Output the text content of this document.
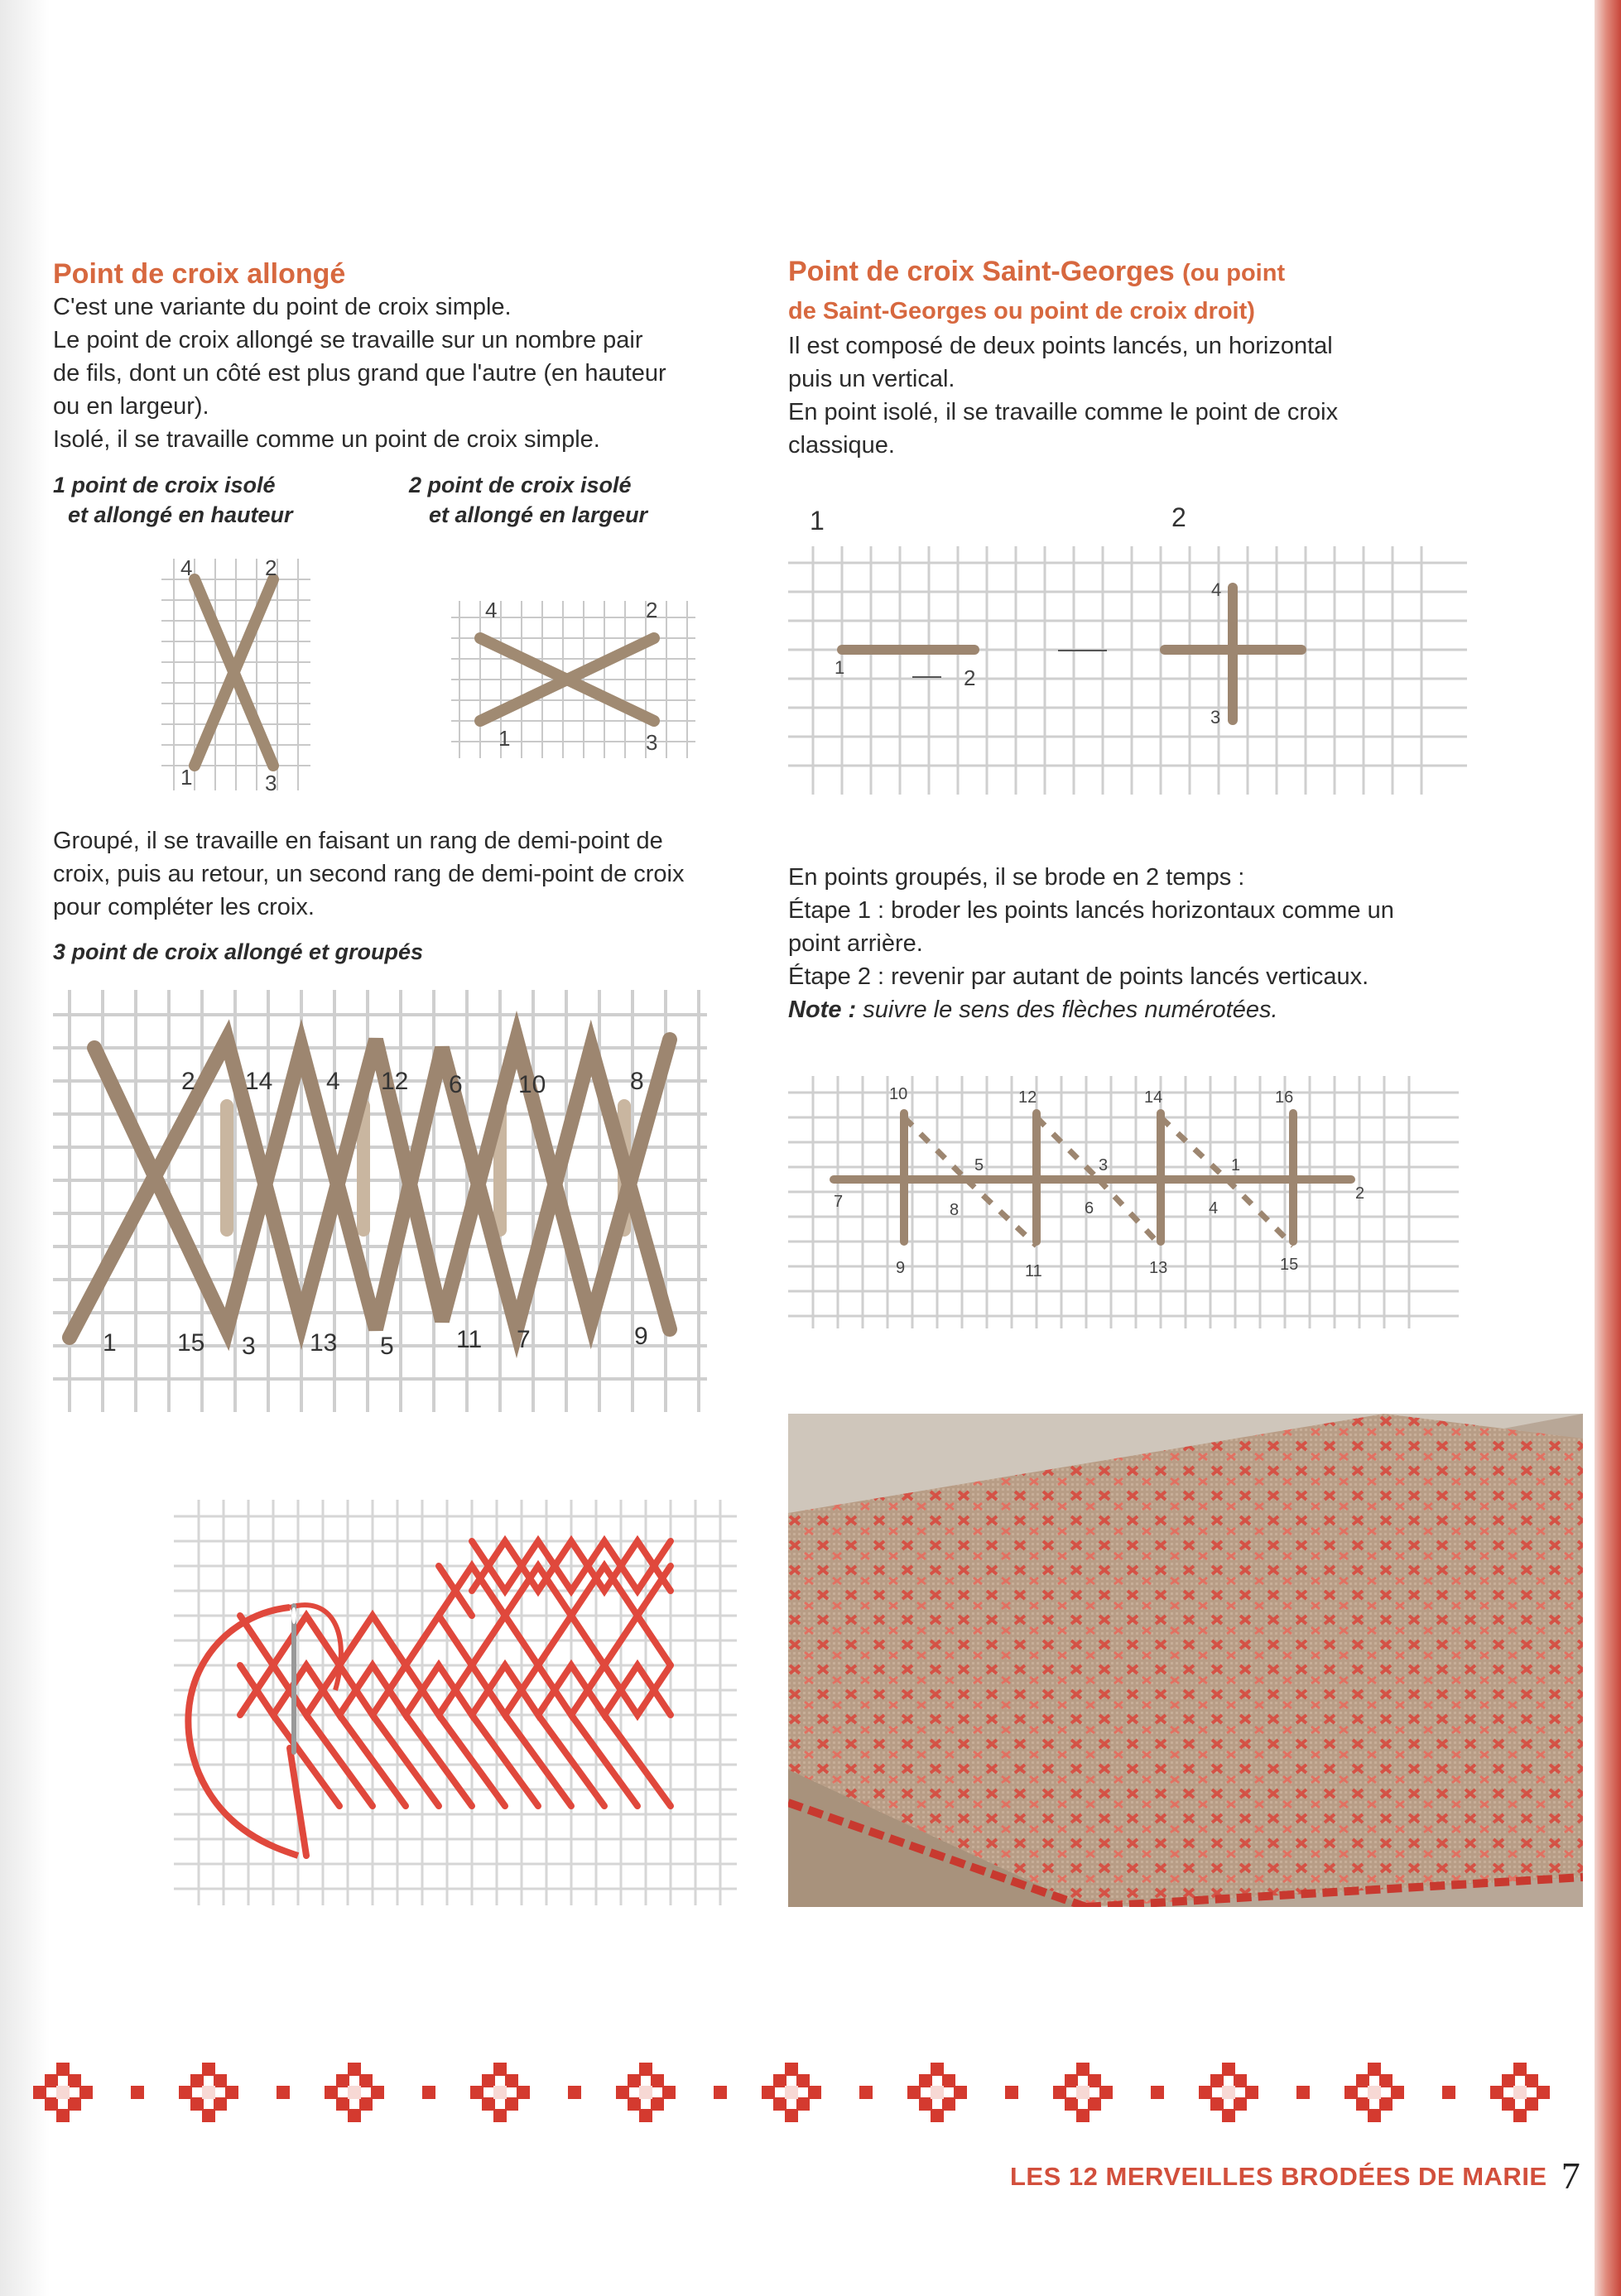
Point de croix allongé

C'est une variante du point de croix simple.

Le point de croix allongé se travaille sur un nombre pair

de fils, dont un côté est plus grand que l'autre (en hauteur

ou en largeur).

Isolé, il se travaille comme un point de croix simple.

1 point de croix isolé

et allongé en hauteur

2 point de croix isolé

et allongé en largeur

4	2
1	3
4	2
1	3

Groupé, il se travaille en faisant un rang de demi-point de

croix, puis au retour, un second rang de demi-point de croix

pour compléter les croix.

3 point de croix allongé et groupés

2 14 4 12 6 10	8
1 15 3 13 5	11 7	9
Point de croix Saint-Georges (ou point
de Saint-Georges ou point de croix droit)

Il est composé de deux points lancés, un horizontal

puis un vertical.

En point isolé, il se travaille comme le point de croix

classique.

1	2
1	2
4
3

En points groupés, il se brode en 2 temps :

Étape 1 : broder les points lancés horizontaux comme un

point arrière.

Étape 2 : revenir par autant de points lancés verticaux.

Note : suivre le sens des flèches numérotées.

10	12	14	16
7
5
8
3
6
1
4
2
9	11	13	15
LES 12 MERVEILLES BRODÉES DE MARIE 7
